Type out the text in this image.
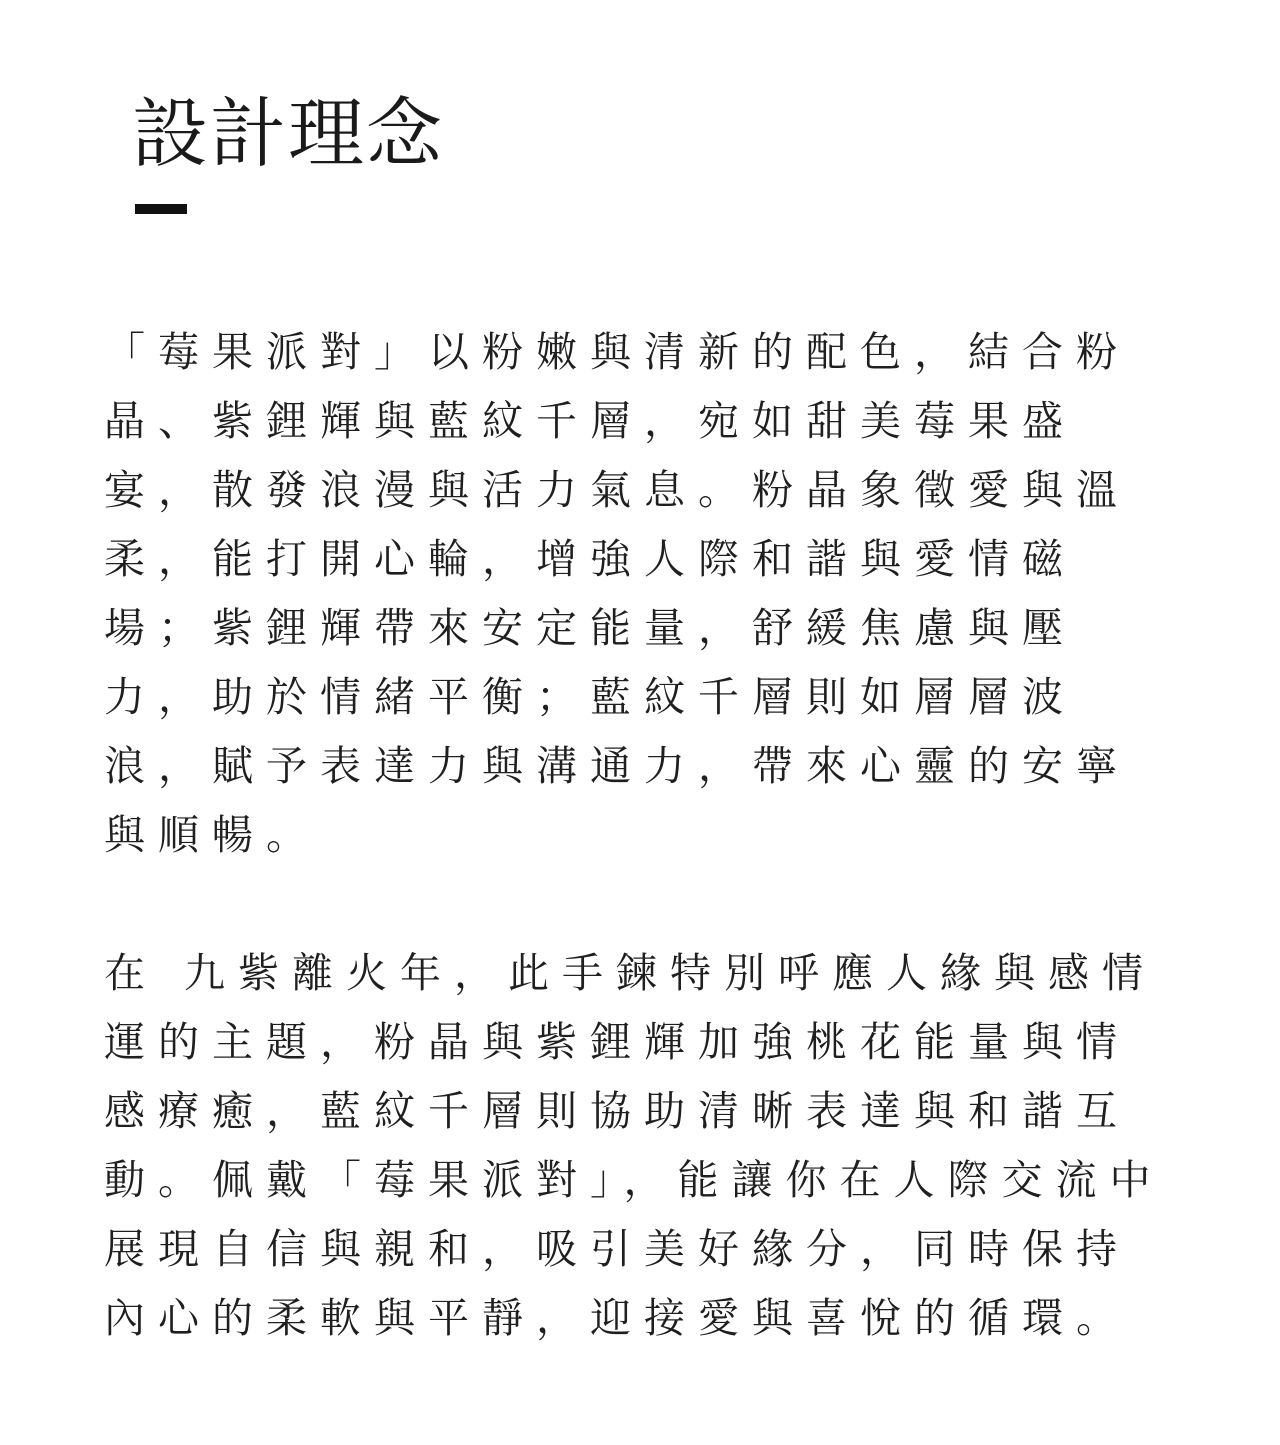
設計理念

「莓果派對」以粉嫩與清新的配色，結合粉
晶、紫鋰輝與藍紋千層，宛如甜美莓果盛
宴，散發浪漫與活力氣息。粉晶象徵愛與溫
柔，能打開心輪，增強人際和諧與愛情磁
場；紫鋰輝帶來安定能量，舒緩焦慮與壓
力，助於情緒平衡；藍紋千層則如層層波
浪，賦予表達力與溝通力，帶來心靈的安寧
與順暢。

在 九紫離火年，此手鍊特別呼應人緣與感情
運的主題，粉晶與紫鋰輝加強桃花能量與情
感療癒，藍紋千層則協助清晰表達與和諧互
動。佩戴「莓果派對」，能讓你在人際交流中
展現自信與親和，吸引美好緣分，同時保持
內心的柔軟與平靜，迎接愛與喜悅的循環。
